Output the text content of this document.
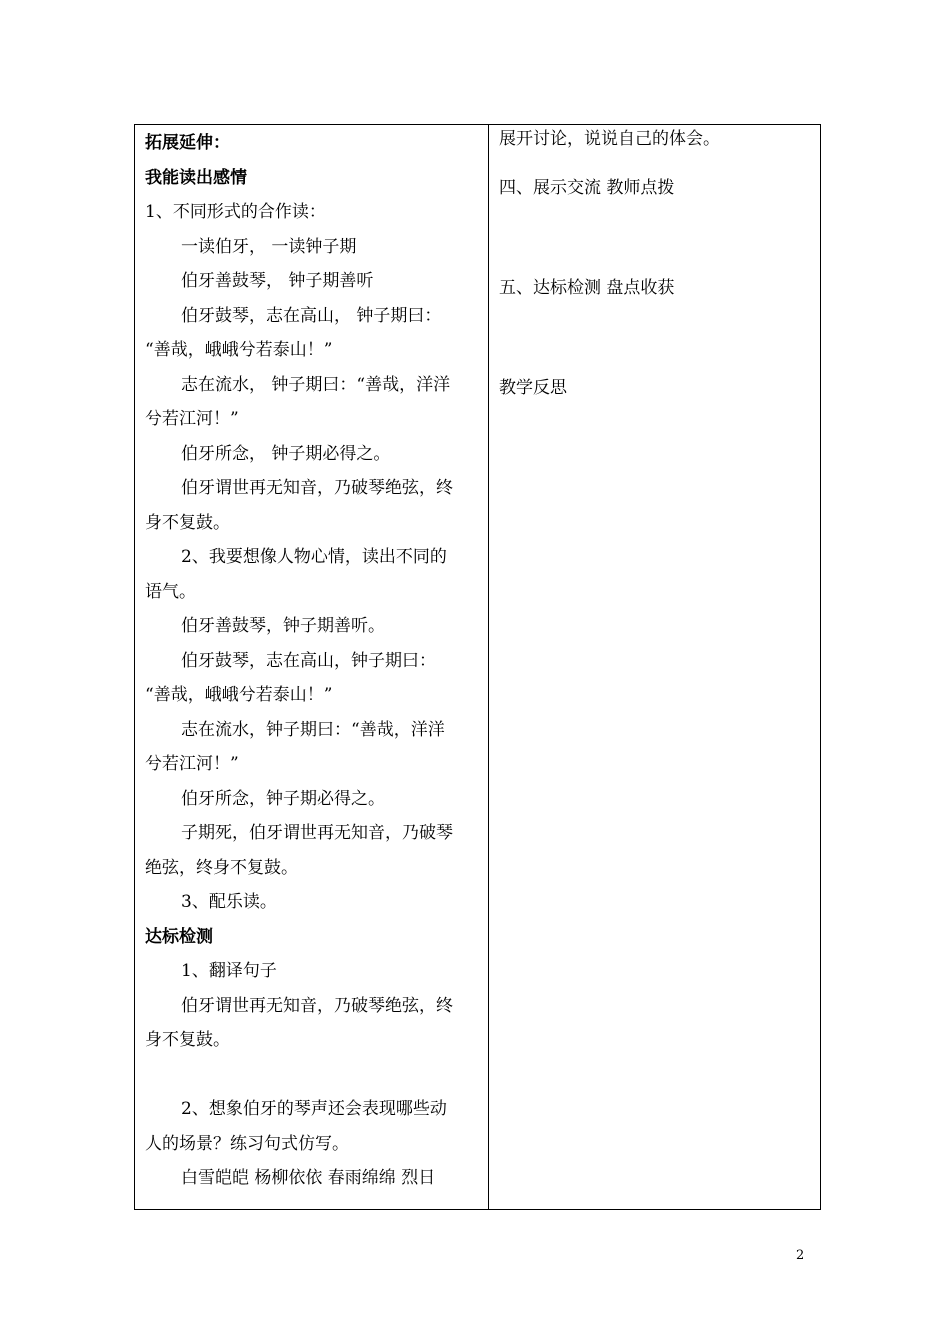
拓展延伸：
我能读出感情
1、不同形式的合作读：
一读伯牙， 一读钟子期
伯牙善鼓琴， 钟子期善听
伯牙鼓琴，志在高山， 钟子期曰：
“善哉，峨峨兮若泰山！”
志在流水， 钟子期曰：“善哉，洋洋
兮若江河！”
伯牙所念， 钟子期必得之。
伯牙谓世再无知音，乃破琴绝弦，终
身不复鼓。
2、我要想像人物心情，读出不同的
语气。
伯牙善鼓琴，钟子期善听。
伯牙鼓琴，志在高山，钟子期曰：
“善哉，峨峨兮若泰山！”
志在流水，钟子期曰：“善哉，洋洋
兮若江河！”
伯牙所念，钟子期必得之。
子期死，伯牙谓世再无知音，乃破琴
绝弦，终身不复鼓。
3、配乐读。
达标检测
1、翻译句子
伯牙谓世再无知音，乃破琴绝弦，终
身不复鼓。
2、想象伯牙的琴声还会表现哪些动
人的场景？练习句式仿写。
白雪皑皑 杨柳依依 春雨绵绵 烈日
展开讨论，说说自己的体会。
四、展示交流 教师点拨
五、达标检测 盘点收获
教学反思
2
